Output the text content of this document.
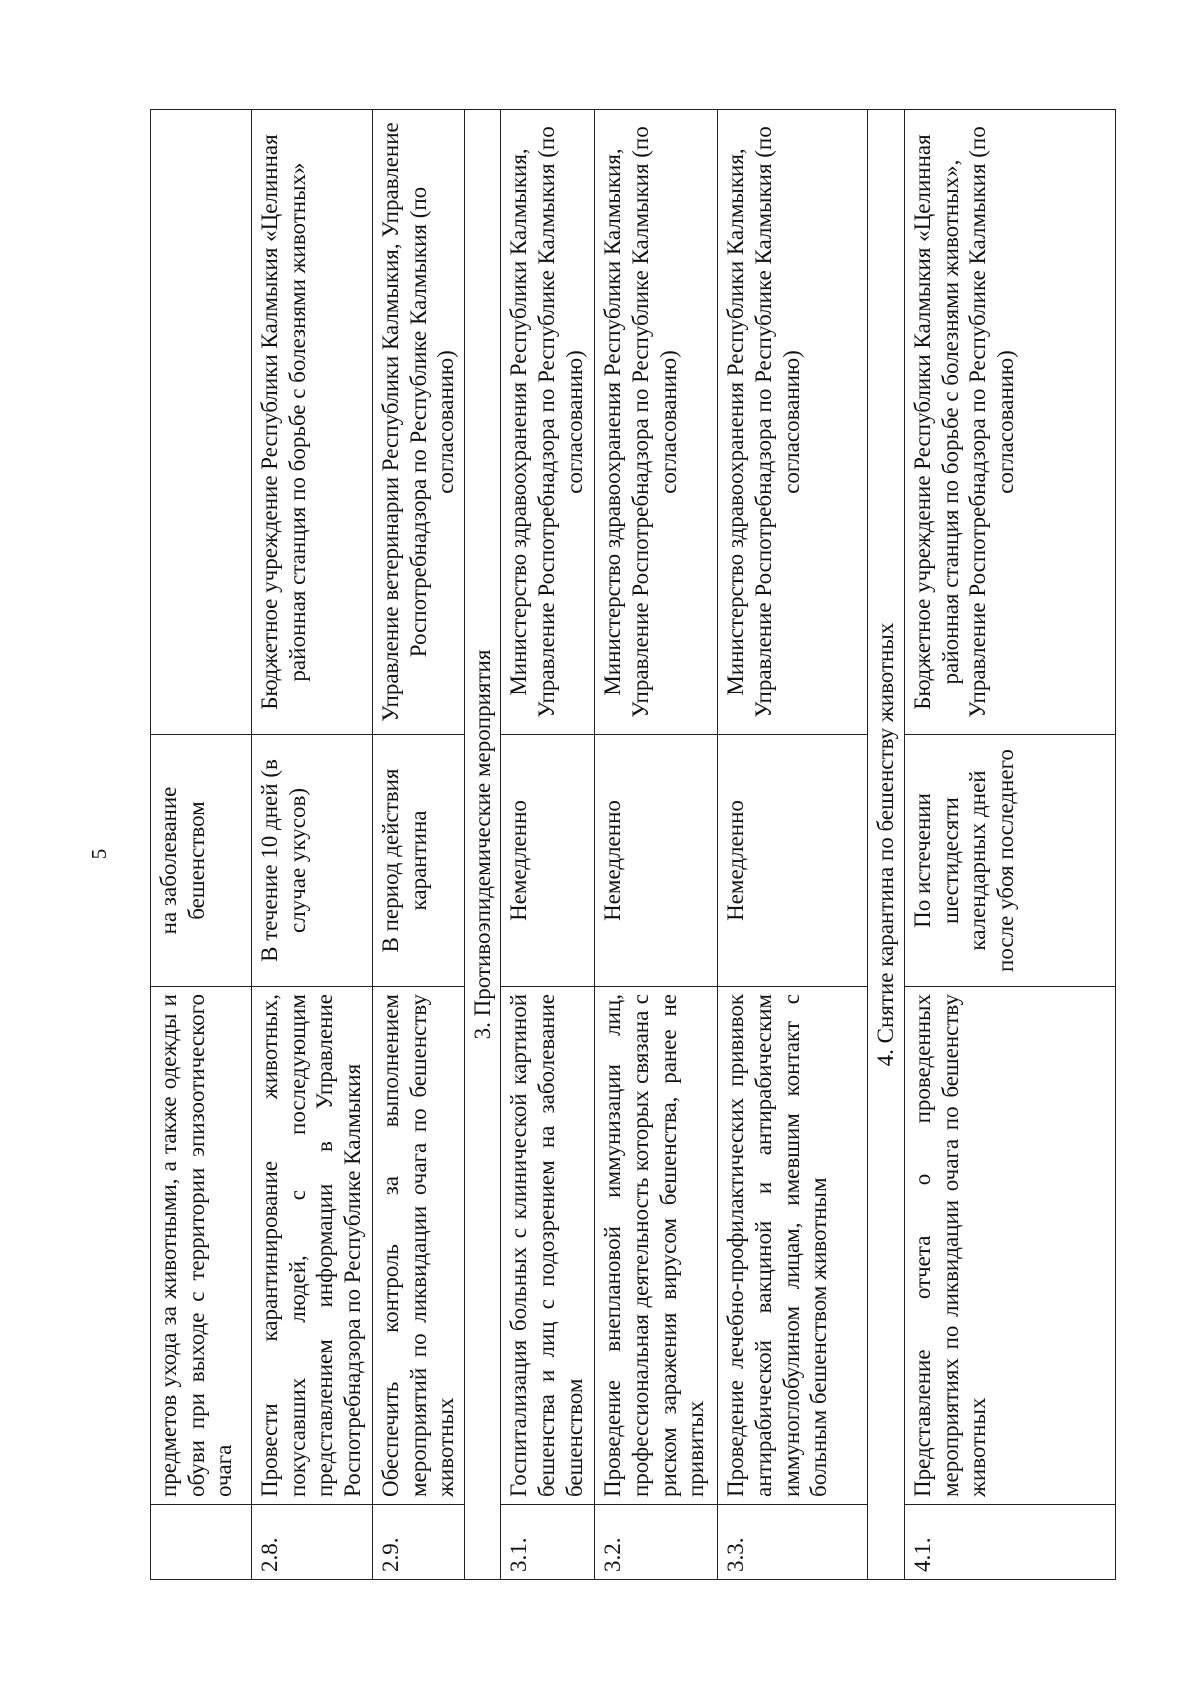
5
	предметов ухода за животными, а также одежды и обуви при выходе с территории эпизоотического очага	на заболевание бешенством	
2.8.	Провести карантинирование животных, покусавших людей, с последующим представлением информации в Управление Роспотребнадзора по Республике Калмыкия	В течение 10 дней (в случае укусов)	Бюджетное учреждение Республики Калмыкия «Целинная районная станция по борьбе с болезнями животных»
2.9.	Обеспечить контроль за выполнением мероприятий по ликвидации очага по бешенству животных	В период действия карантина	Управление ветеринарии Республики Калмыкия, Управление Роспотребнадзора по Республике Калмыкия (по согласованию)
3. Противоэпидемические мероприятия			
3.1.	Госпитализация больных с клинической картиной бешенства и лиц с подозрением на заболевание бешенством	Немедленно	Министерство здравоохранения Республики Калмыкия, Управление Роспотребнадзора по Республике Калмыкия (по согласованию)
3.2.	Проведение внеплановой иммунизации лиц, профессиональная деятельность которых связана с риском заражения вирусом бешенства, ранее не привитых	Немедленно	Министерство здравоохранения Республики Калмыкия, Управление Роспотребнадзора по Республике Калмыкия (по согласованию)
3.3.	Проведение лечебно-профилактических прививок антирабической вакциной и антирабическим иммуноглобулином лицам, имевшим контакт с больным бешенством животным	Немедленно	Министерство здравоохранения Республики Калмыкия, Управление Роспотребнадзора по Республике Калмыкия (по согласованию)
4. Снятие карантина по бешенству животных			
4.1.	Представление отчета о проведенных мероприятиях по ликвидации очага по бешенству животных	По истечении шестидесяти календарных дней после убоя последнего	Бюджетное учреждение Республики Калмыкия «Целинная районная станция по борьбе с болезнями животных», Управление Роспотребнадзора по Республике Калмыкия (по согласованию)
